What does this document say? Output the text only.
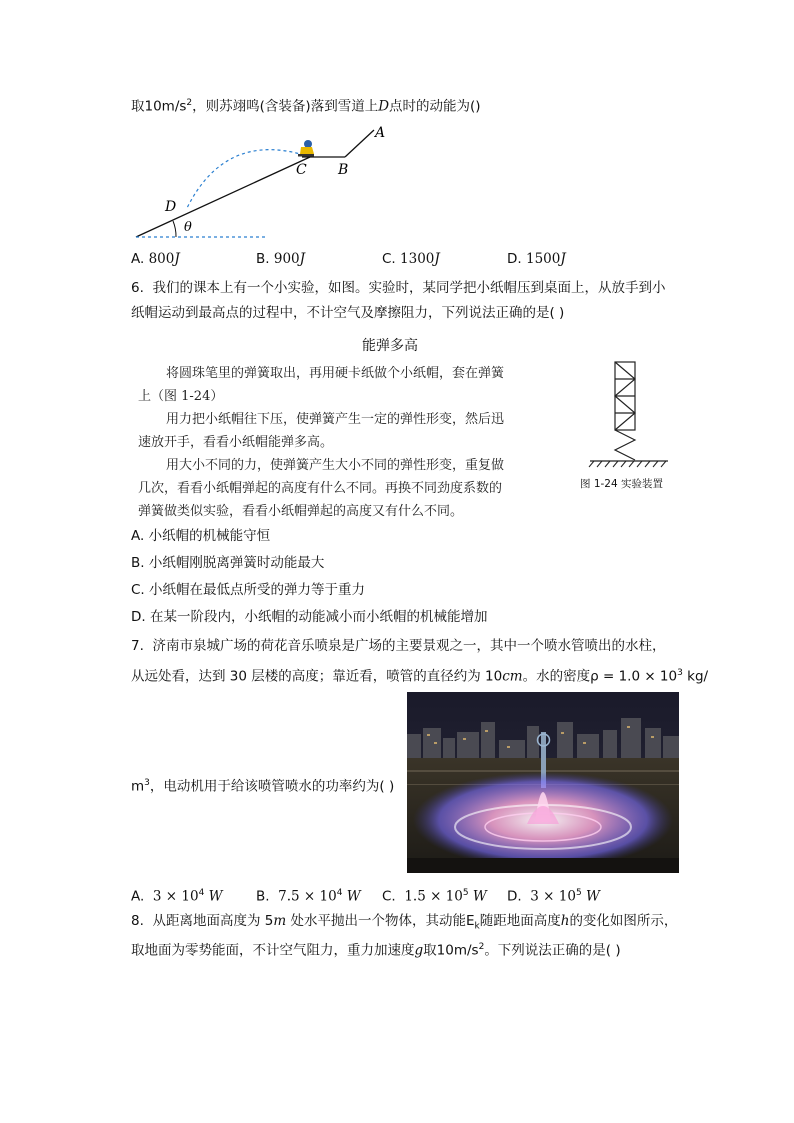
取$10m/s^2$，则苏翊鸣(含装备)落到雪道上D点时的动能为()
A
B
C
D
θ
A. 800J	B. 900J	C. 1300J	D. 1500J
6. 我们的课本上有一个小实验，如图。实验时，某同学把小纸帽压到桌面上，从放手到小
纸帽运动到最高点的过程中，不计空气及摩擦阻力，下列说法正确的是( )
能弹多高
将圆珠笔里的弹簧取出，再用硬卡纸做个小纸帽，套在弹簧
上（图 1-24）
用力把小纸帽往下压，使弹簧产生一定的弹性形变，然后迅
速放开手，看看小纸帽能弹多高。
用大小不同的力，使弹簧产生大小不同的弹性形变，重复做
几次，看看小纸帽弹起的高度有什么不同。再换不同劲度系数的
弹簧做类似实验，看看小纸帽弹起的高度又有什么不同。
图 1-24 实验装置
A. 小纸帽的机械能守恒
B. 小纸帽刚脱离弹簧时动能最大
C. 小纸帽在最低点所受的弹力等于重力
D. 在某一阶段内，小纸帽的动能减小而小纸帽的机械能增加
7. 济南市泉城广场的荷花音乐喷泉是广场的主要景观之一，其中一个喷水管喷出的水柱，
从远处看，达到 30 层楼的高度；靠近看，喷管的直径约为 10cm。水的密度$\rho = 1.0 \times 10^3$ kg/
$m^3$，电动机用于给该喷管喷水的功率约为( )
A. $3 \times 10^4$ W B. $7.5 \times 10^4$ W C. $1.5 \times 10^5$ W D. $3 \times 10^5$ W
8. 从距离地面高度为 5m 处水平抛出一个物体，其动能$E_k$随距地面高度h的变化如图所示，
取地面为零势能面，不计空气阻力，重力加速度g取$10m/s^2$。下列说法正确的是( )
